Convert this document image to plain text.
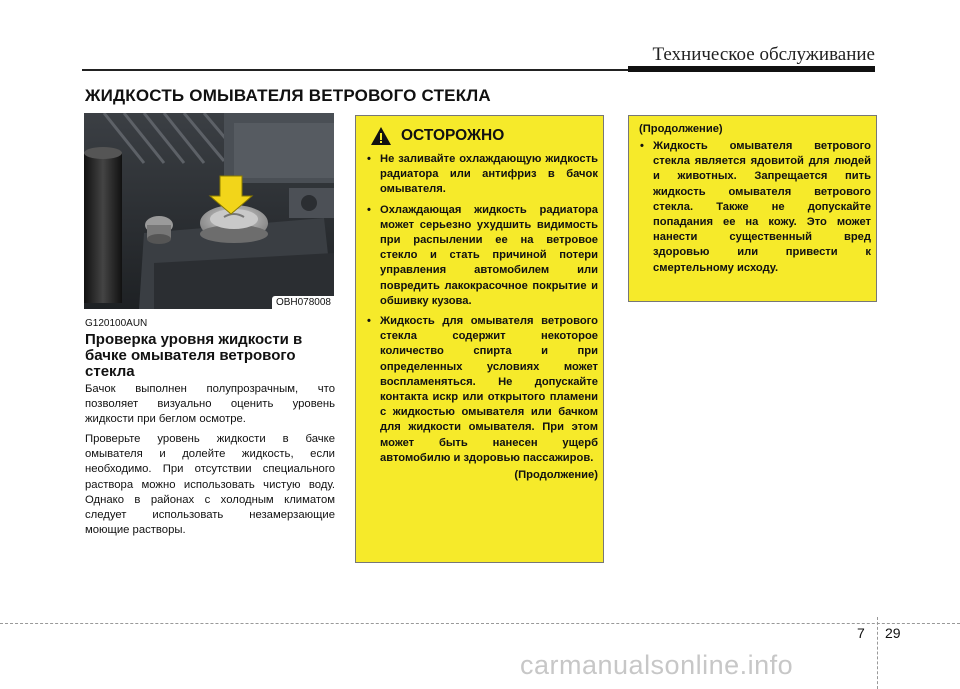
Техническое обслуживание
ЖИДКОСТЬ ОМЫВАТЕЛЯ ВЕТРОВОГО СТЕКЛА
OBH078008
G120100AUN
Проверка уровня жидкости в бачке омывателя ветрового стекла
Бачок выполнен полупрозрачным, что позволяет визуально оценить уровень жидкости при беглом осмотре.
Проверьте уровень жидкости в бачке омывателя и долейте жидкость, если необходимо. При отсутствии специального раствора можно использовать чистую воду. Однако в районах с холодным климатом следует использовать незамерзающие моющие растворы.
ОСТОРОЖНО
• Не заливайте охлаждающую жидкость радиатора или антифриз в бачок омывателя.
• Охлаждающая жидкость радиатора может серьезно ухудшить видимость при распылении ее на ветровое стекло и стать причиной потери управления автомобилем или повредить лакокрасочное покрытие и обшивку кузова.
• Жидкость для омывателя ветрового стекла содержит некоторое количество спирта и при определенных условиях может воспламеняться. Не допускайте контакта искр или открытого пламени с жидкостью омывателя или бачком для жидкости омывателя. При этом может быть нанесен ущерб автомобилю и здоровью пассажиров.
(Продолжение)
(Продолжение)
• Жидкость омывателя ветрового стекла является ядовитой для людей и животных. Запрещается пить жидкость омывателя ветрового стекла. Также не допускайте попадания ее на кожу. Это может нанести существенный вред здоровью или привести к смертельному исходу.
7 29
carmanualsonline.info
